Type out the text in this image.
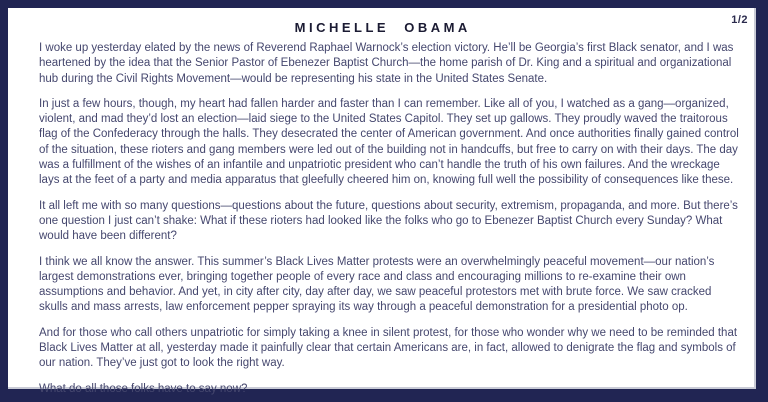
MICHELLE OBAMA	1/2

I woke up yesterday elated by the news of Reverend Raphael Warnock’s election victory. He’ll be Georgia’s first Black senator, and I was heartened by the idea that the Senior Pastor of Ebenezer Baptist Church—the home parish of Dr. King and a spiritual and organizational hub during the Civil Rights Movement—would be representing his state in the United States Senate.

In just a few hours, though, my heart had fallen harder and faster than I can remember. Like all of you, I watched as a gang—organized, violent, and mad they’d lost an election—laid siege to the United States Capitol. They set up gallows. They proudly waved the traitorous flag of the Confederacy through the halls. They desecrated the center of American government. And once authorities finally gained control of the situation, these rioters and gang members were led out of the building not in handcuffs, but free to carry on with their days. The day was a fulfillment of the wishes of an infantile and unpatriotic president who can’t handle the truth of his own failures. And the wreckage lays at the feet of a party and media apparatus that gleefully cheered him on, knowing full well the possibility of consequences like these.

It all left me with so many questions—questions about the future, questions about security, extremism, propaganda, and more. But there’s one question I just can’t shake: What if these rioters had looked like the folks who go to Ebenezer Baptist Church every Sunday? What would have been different?

I think we all know the answer. This summer’s Black Lives Matter protests were an overwhelmingly peaceful movement—our nation’s largest demonstrations ever, bringing together people of every race and class and encouraging millions to re-examine their own assumptions and behavior. And yet, in city after city, day after day, we saw peaceful protestors met with brute force. We saw cracked skulls and mass arrests, law enforcement pepper spraying its way through a peaceful demonstration for a presidential photo op.

And for those who call others unpatriotic for simply taking a knee in silent protest, for those who wonder why we need to be reminded that Black Lives Matter at all, yesterday made it painfully clear that certain Americans are, in fact, allowed to denigrate the flag and symbols of our nation. They’ve just got to look the right way.

What do all those folks have to say now?
